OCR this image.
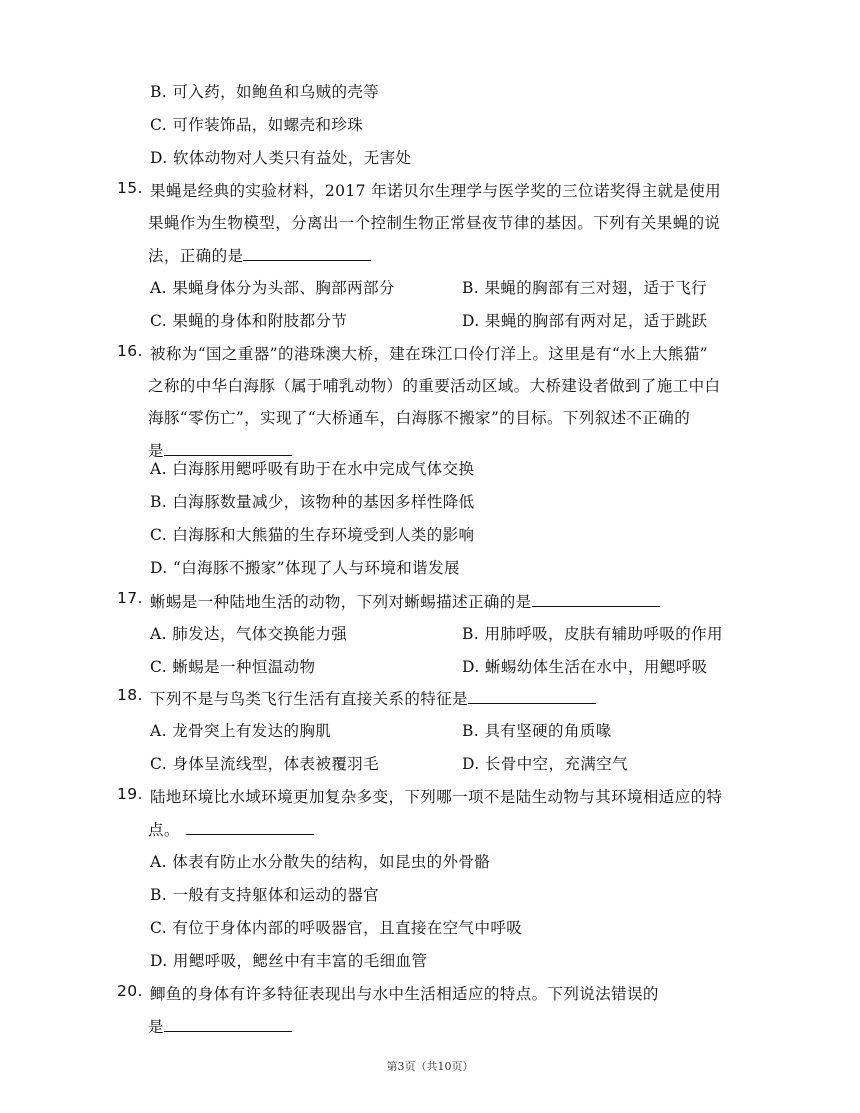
B. 可入药，如鲍鱼和乌贼的壳等
C. 可作装饰品，如螺壳和珍珠
D. 软体动物对人类只有益处，无害处
15. 果蝇是经典的实验材料，2017 年诺贝尔生理学与医学奖的三位诺奖得主就是使用
果蝇作为生物模型，分离出一个控制生物正常昼夜节律的基因。下列有关果蝇的说
法，正确的是
A. 果蝇身体分为头部、胸部两部分	B. 果蝇的胸部有三对翅，适于飞行
C. 果蝇的身体和附肢都分节	D. 果蝇的胸部有两对足，适于跳跃
16. 被称为“国之重器”的港珠澳大桥，建在珠江口伶仃洋上。这里是有“水上大熊猫”
之称的中华白海豚（属于哺乳动物）的重要活动区域。大桥建设者做到了施工中白
海豚“零伤亡”，实现了“大桥通车，白海豚不搬家”的目标。下列叙述不正确的
是
A. 白海豚用鳃呼吸有助于在水中完成气体交换
B. 白海豚数量减少，该物种的基因多样性降低
C. 白海豚和大熊猫的生存环境受到人类的影响
D. “白海豚不搬家”体现了人与环境和谐发展
17. 蜥蜴是一种陆地生活的动物，下列对蜥蜴描述正确的是
A. 肺发达，气体交换能力强	B. 用肺呼吸，皮肤有辅助呼吸的作用
C. 蜥蜴是一种恒温动物	D. 蜥蜴幼体生活在水中，用鳃呼吸
18. 下列不是与鸟类飞行生活有直接关系的特征是
A. 龙骨突上有发达的胸肌	B. 具有坚硬的角质喙
C. 身体呈流线型，体表被覆羽毛	D. 长骨中空，充满空气
19. 陆地环境比水域环境更加复杂多变，下列哪一项不是陆生动物与其环境相适应的特
点。
A. 体表有防止水分散失的结构，如昆虫的外骨骼
B. 一般有支持躯体和运动的器官
C. 有位于身体内部的呼吸器官，且直接在空气中呼吸
D. 用鳃呼吸，鳃丝中有丰富的毛细血管
20. 鲫鱼的身体有许多特征表现出与水中生活相适应的特点。下列说法错误的
是
第3页（共10页）
